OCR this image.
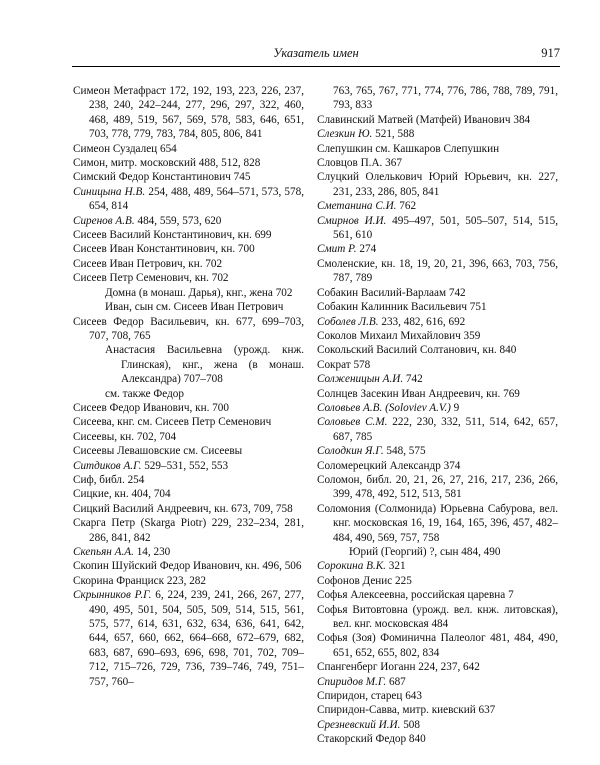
Указатель имен	917

Симеон Метафраст 172, 192, 193, 223, 226, 237, 238, 240, 242–244, 277, 296, 297, 322, 460, 468, 489, 519, 567, 569, 578, 583, 646, 651, 703, 778, 779, 783, 784, 805, 806, 841

Симеон Суздалец 654

Симон, митр. московский 488, 512, 828

Симский Федор Константинович 745

Синицына Н.В. 254, 488, 489, 564–571, 573, 578, 654, 814

Сиренов А.В. 484, 559, 573, 620

Сисеев Василий Константинович, кн. 699

Сисеев Иван Константинович, кн. 700

Сисеев Иван Петрович, кн. 702

Сисеев Петр Семенович, кн. 702

Домна (в монаш. Дарья), кнг., жена 702

Иван, сын см. Сисеев Иван Петрович

Сисеев Федор Васильевич, кн. 677, 699–703, 707, 708, 765

Анастасия Васильевна (урожд. кнж. Глинская), кнг., жена (в монаш. Александра) 707–708

см. также Федор

Сисеев Федор Иванович, кн. 700

Сисеева, кнг. см. Сисеев Петр Семенович

Сисеевы, кн. 702, 704

Сисеевы Левашовские см. Сисеевы

Ситдиков А.Г. 529–531, 552, 553

Сиф, библ. 254

Сицкие, кн. 404, 704

Сицкий Василий Андреевич, кн. 673, 709, 758

Скарга Петр (Skarga Piotr) 229, 232–234, 281, 286, 841, 842

Скепьян А.А. 14, 230

Скопин Шуйский Федор Иванович, кн. 496, 506

Скорина Франциск 223, 282

Скрынников Р.Г. 6, 224, 239, 241, 266, 267, 277, 490, 495, 501, 504, 505, 509, 514, 515, 561, 575, 577, 614, 631, 632, 634, 636, 641, 642, 644, 657, 660, 662, 664–668, 672–679, 682, 683, 687, 690–693, 696, 698, 701, 702, 709–712, 715–726, 729, 736, 739–746, 749, 751–757, 760–

763, 765, 767, 771, 774, 776, 786, 788, 789, 791, 793, 833

Славинский Матвей (Матфей) Иванович 384

Слезкин Ю. 521, 588

Слепушкин см. Кашкаров Слепушкин

Словцов П.А. 367

Слуцкий Олелькович Юрий Юрьевич, кн. 227, 231, 233, 286, 805, 841

Сметанина С.И. 762

Смирнов И.И. 495–497, 501, 505–507, 514, 515, 561, 610

Смит Р. 274

Смоленские, кн. 18, 19, 20, 21, 396, 663, 703, 756, 787, 789

Собакин Василий-Варлаам 742

Собакин Калинник Васильевич 751

Соболев Л.В. 233, 482, 616, 692

Соколов Михаил Михайлович 359

Сокольский Василий Солтанович, кн. 840

Сократ 578

Солженицын А.И. 742

Солнцев Засекин Иван Андреевич, кн. 769

Соловьев А.В. (Soloviev A.V.) 9

Соловьев С.М. 222, 230, 332, 511, 514, 642, 657, 687, 785

Солодкин Я.Г. 548, 575

Соломерецкий Александр 374

Соломон, библ. 20, 21, 26, 27, 216, 217, 236, 266, 399, 478, 492, 512, 513, 581

Соломония (Солмонида) Юрьевна Сабурова, вел. кнг. московская 16, 19, 164, 165, 396, 457, 482–484, 490, 569, 757, 758

Юрий (Георгий) ?, сын 484, 490

Сорокина В.К. 321

Софонов Денис 225

Софья Алексеевна, российская царевна 7

Софья Витовтовна (урожд. вел. кнж. литовская), вел. кнг. московская 484

Софья (Зоя) Фоминична Палеолог 481, 484, 490, 651, 652, 655, 802, 834

Спангенберг Иоганн 224, 237, 642

Спиридов М.Г. 687

Спиридон, старец 643

Спиридон-Савва, митр. киевский 637

Срезневский И.И. 508

Стакорский Федор 840
